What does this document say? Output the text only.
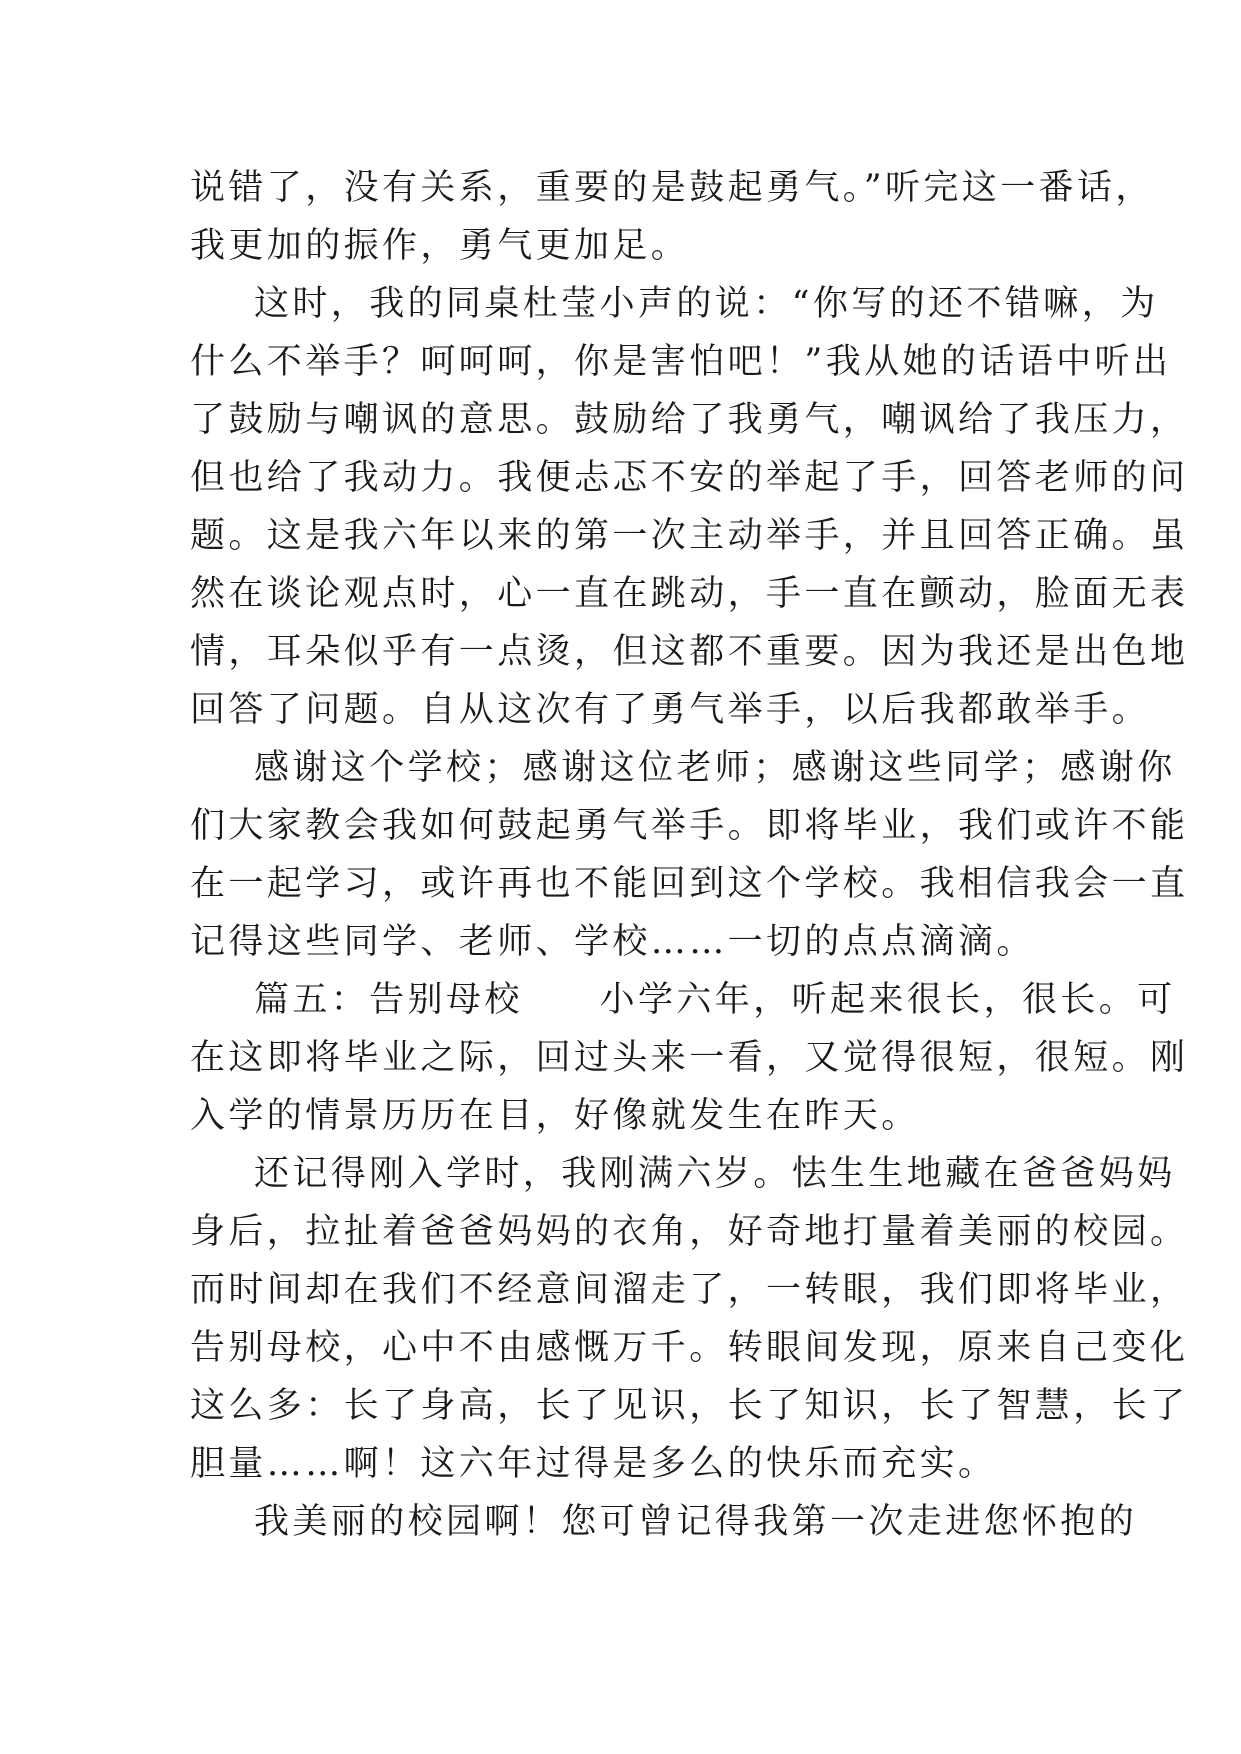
说错了，没有关系，重要的是鼓起勇气。”听完这一番话，
我更加的振作，勇气更加足。
这时，我的同桌杜莹小声的说：“你写的还不错嘛，为
什么不举手？呵呵呵，你是害怕吧！”我从她的话语中听出
了鼓励与嘲讽的意思。鼓励给了我勇气，嘲讽给了我压力，
但也给了我动力。我便忐忑不安的举起了手，回答老师的问
题。这是我六年以来的第一次主动举手，并且回答正确。虽
然在谈论观点时，心一直在跳动，手一直在颤动，脸面无表
情，耳朵似乎有一点烫，但这都不重要。因为我还是出色地
回答了问题。自从这次有了勇气举手，以后我都敢举手。
感谢这个学校；感谢这位老师；感谢这些同学；感谢你
们大家教会我如何鼓起勇气举手。即将毕业，我们或许不能
在一起学习，或许再也不能回到这个学校。我相信我会一直
记得这些同学、老师、学校……一切的点点滴滴。
篇五：告别母校　　小学六年，听起来很长，很长。可
在这即将毕业之际，回过头来一看，又觉得很短，很短。刚
入学的情景历历在目，好像就发生在昨天。
还记得刚入学时，我刚满六岁。怯生生地藏在爸爸妈妈
身后，拉扯着爸爸妈妈的衣角，好奇地打量着美丽的校园。
而时间却在我们不经意间溜走了，一转眼，我们即将毕业，
告别母校，心中不由感慨万千。转眼间发现，原来自己变化
这么多：长了身高，长了见识，长了知识，长了智慧，长了
胆量……啊！这六年过得是多么的快乐而充实。
我美丽的校园啊！您可曾记得我第一次走进您怀抱的
